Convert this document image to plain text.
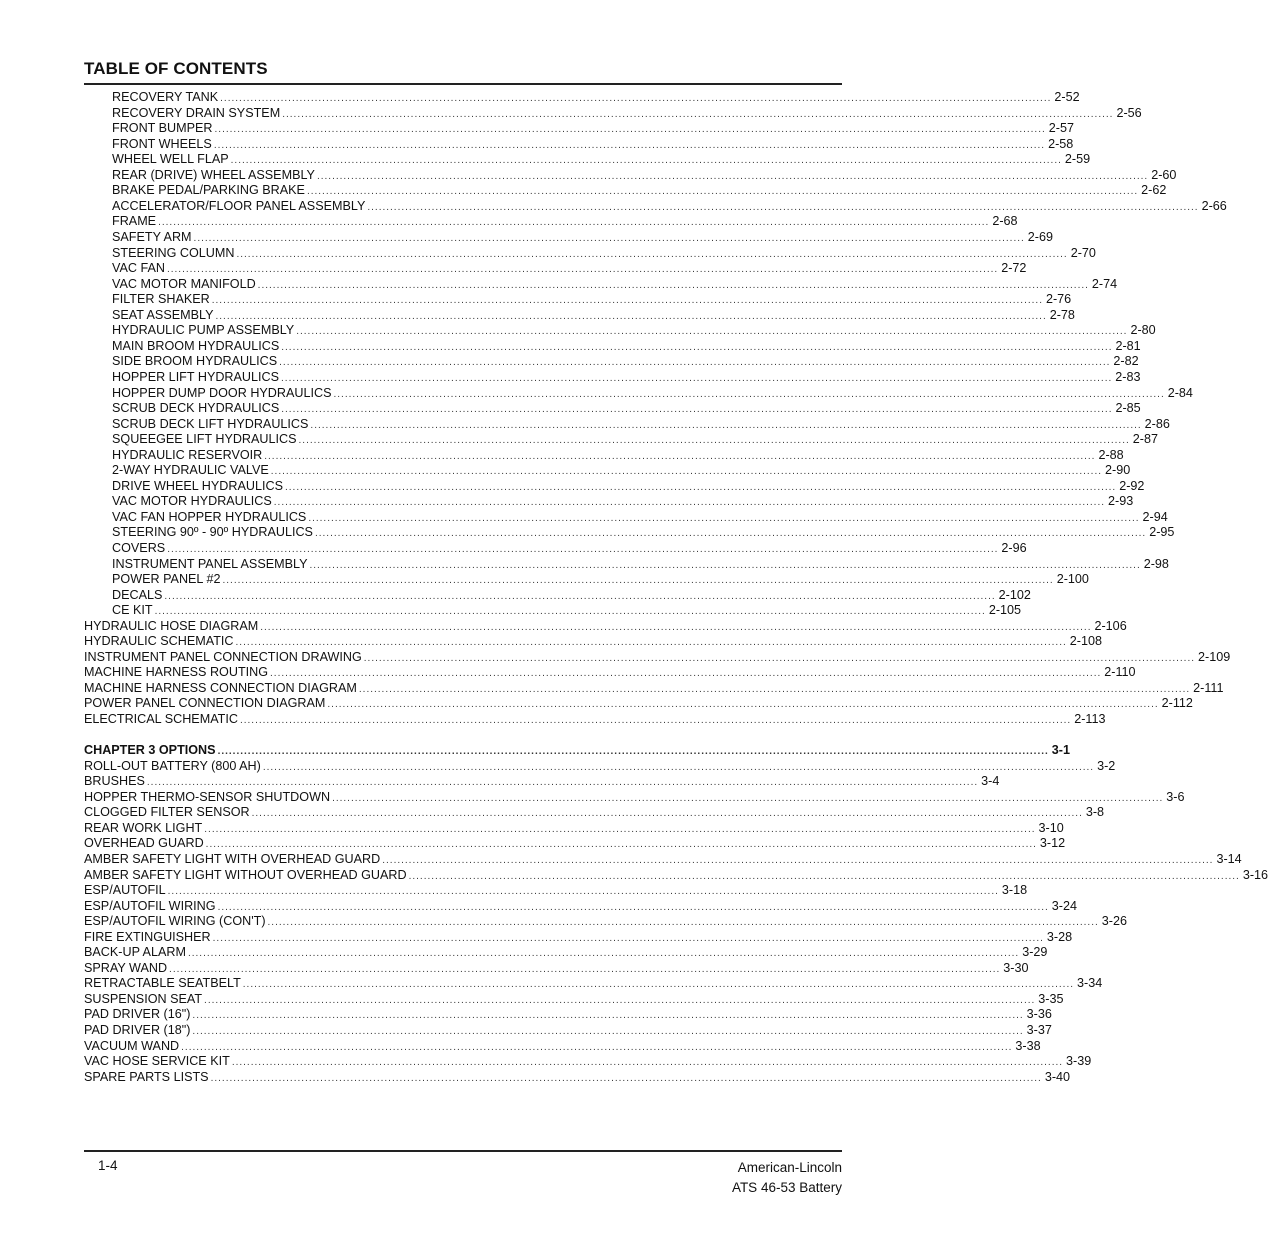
TABLE OF CONTENTS
RECOVERY TANK ............................................................................................................................................................................................................................ 2-52
RECOVERY DRAIN SYSTEM ............................................................................................................................................................................................................................ 2-56
FRONT BUMPER ............................................................................................................................................................................................................................ 2-57
FRONT WHEELS ............................................................................................................................................................................................................................ 2-58
WHEEL WELL FLAP ............................................................................................................................................................................................................................ 2-59
REAR (DRIVE) WHEEL ASSEMBLY ............................................................................................................................................................................................................................ 2-60
BRAKE PEDAL/PARKING BRAKE ............................................................................................................................................................................................................................ 2-62
ACCELERATOR/FLOOR PANEL ASSEMBLY ............................................................................................................................................................................................................................ 2-66
FRAME ............................................................................................................................................................................................................................ 2-68
SAFETY ARM ............................................................................................................................................................................................................................ 2-69
STEERING COLUMN ............................................................................................................................................................................................................................ 2-70
VAC FAN ............................................................................................................................................................................................................................ 2-72
VAC MOTOR MANIFOLD ............................................................................................................................................................................................................................ 2-74
FILTER SHAKER ............................................................................................................................................................................................................................ 2-76
SEAT ASSEMBLY ............................................................................................................................................................................................................................ 2-78
HYDRAULIC PUMP ASSEMBLY ............................................................................................................................................................................................................................ 2-80
MAIN BROOM HYDRAULICS ............................................................................................................................................................................................................................ 2-81
SIDE BROOM HYDRAULICS ............................................................................................................................................................................................................................ 2-82
HOPPER LIFT HYDRAULICS ............................................................................................................................................................................................................................ 2-83
HOPPER DUMP DOOR HYDRAULICS ............................................................................................................................................................................................................................ 2-84
SCRUB DECK HYDRAULICS ............................................................................................................................................................................................................................ 2-85
SCRUB DECK LIFT HYDRAULICS ............................................................................................................................................................................................................................ 2-86
SQUEEGEE LIFT HYDRAULICS ............................................................................................................................................................................................................................ 2-87
HYDRAULIC RESERVOIR ............................................................................................................................................................................................................................ 2-88
2-WAY HYDRAULIC VALVE ............................................................................................................................................................................................................................ 2-90
DRIVE WHEEL HYDRAULICS ............................................................................................................................................................................................................................ 2-92
VAC MOTOR HYDRAULICS ............................................................................................................................................................................................................................ 2-93
VAC FAN HOPPER HYDRAULICS ............................................................................................................................................................................................................................ 2-94
STEERING 90º - 90º HYDRAULICS ............................................................................................................................................................................................................................ 2-95
COVERS ............................................................................................................................................................................................................................ 2-96
INSTRUMENT PANEL ASSEMBLY ............................................................................................................................................................................................................................ 2-98
POWER PANEL #2 ............................................................................................................................................................................................................................ 2-100
DECALS ............................................................................................................................................................................................................................ 2-102
CE KIT ............................................................................................................................................................................................................................ 2-105
HYDRAULIC HOSE DIAGRAM ............................................................................................................................................................................................................................ 2-106
HYDRAULIC SCHEMATIC ............................................................................................................................................................................................................................ 2-108
INSTRUMENT PANEL CONNECTION DRAWING ............................................................................................................................................................................................................................ 2-109
MACHINE HARNESS ROUTING ............................................................................................................................................................................................................................ 2-110
MACHINE HARNESS CONNECTION DIAGRAM ............................................................................................................................................................................................................................ 2-111
POWER PANEL CONNECTION DIAGRAM ............................................................................................................................................................................................................................ 2-112
ELECTRICAL SCHEMATIC ............................................................................................................................................................................................................................ 2-113
CHAPTER 3 OPTIONS ............................................................................................................................................................................................................................ 3-1
ROLL-OUT BATTERY (800 AH) ............................................................................................................................................................................................................................ 3-2
BRUSHES ............................................................................................................................................................................................................................ 3-4
HOPPER THERMO-SENSOR SHUTDOWN ............................................................................................................................................................................................................................ 3-6
CLOGGED FILTER SENSOR ............................................................................................................................................................................................................................ 3-8
REAR WORK LIGHT ............................................................................................................................................................................................................................ 3-10
OVERHEAD GUARD ............................................................................................................................................................................................................................ 3-12
AMBER SAFETY LIGHT WITH OVERHEAD GUARD ............................................................................................................................................................................................................................ 3-14
AMBER SAFETY LIGHT WITHOUT OVERHEAD GUARD ............................................................................................................................................................................................................................ 3-16
ESP/AUTOFIL ............................................................................................................................................................................................................................ 3-18
ESP/AUTOFIL WIRING ............................................................................................................................................................................................................................ 3-24
ESP/AUTOFIL WIRING (CON'T) ............................................................................................................................................................................................................................ 3-26
FIRE EXTINGUISHER ............................................................................................................................................................................................................................ 3-28
BACK-UP ALARM ............................................................................................................................................................................................................................ 3-29
SPRAY WAND ............................................................................................................................................................................................................................ 3-30
RETRACTABLE SEATBELT ............................................................................................................................................................................................................................ 3-34
SUSPENSION SEAT ............................................................................................................................................................................................................................ 3-35
PAD DRIVER (16") ............................................................................................................................................................................................................................ 3-36
PAD DRIVER (18") ............................................................................................................................................................................................................................ 3-37
VACUUM WAND ............................................................................................................................................................................................................................ 3-38
VAC HOSE SERVICE KIT ............................................................................................................................................................................................................................ 3-39
SPARE PARTS LISTS ............................................................................................................................................................................................................................ 3-40
1-4	American-Lincoln
ATS 46-53 Battery
